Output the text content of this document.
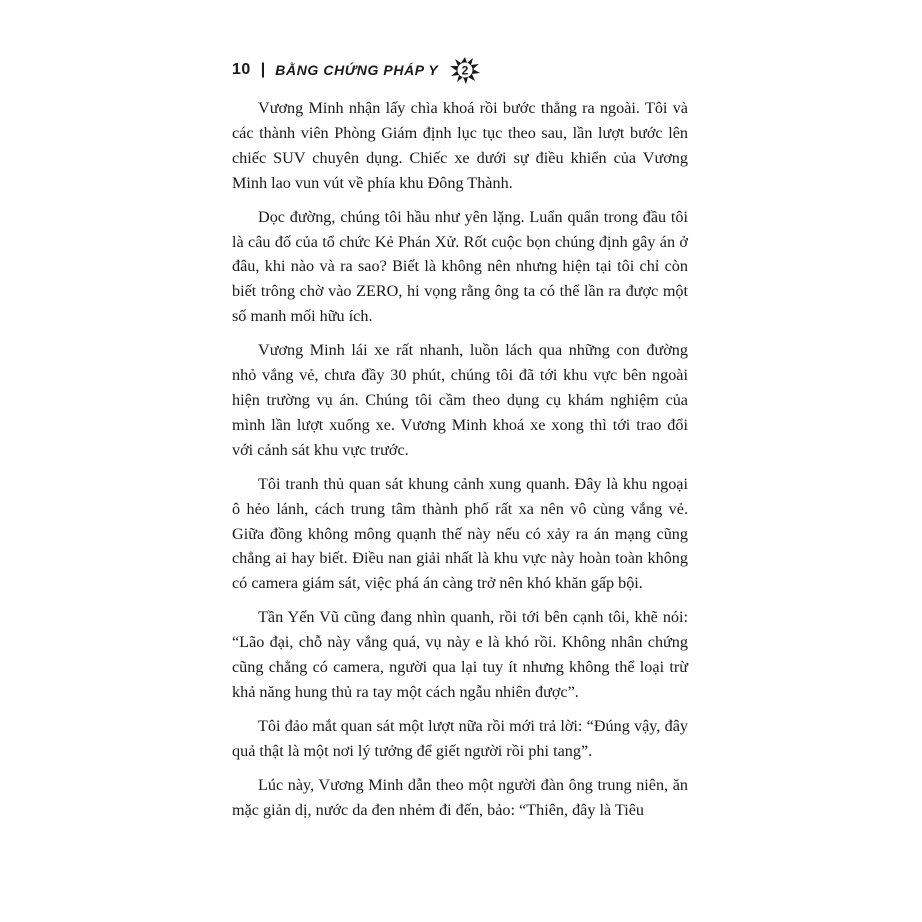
10 | BẰNG CHỨNG PHÁP Y 2

Vương Minh nhận lấy chìa khoá rồi bước thẳng ra ngoài. Tôi và các thành viên Phòng Giám định lục tục theo sau, lần lượt bước lên chiếc SUV chuyên dụng. Chiếc xe dưới sự điều khiển của Vương Minh lao vun vút về phía khu Đông Thành.

Dọc đường, chúng tôi hầu như yên lặng. Luẩn quẩn trong đầu tôi là câu đố của tổ chức Kẻ Phán Xử. Rốt cuộc bọn chúng định gây án ở đâu, khi nào và ra sao? Biết là không nên nhưng hiện tại tôi chỉ còn biết trông chờ vào ZERO, hi vọng rằng ông ta có thể lần ra được một số manh mối hữu ích.

Vương Minh lái xe rất nhanh, luồn lách qua những con đường nhỏ vắng vẻ, chưa đầy 30 phút, chúng tôi đã tới khu vực bên ngoài hiện trường vụ án. Chúng tôi cầm theo dụng cụ khám nghiệm của mình lần lượt xuống xe. Vương Minh khoá xe xong thì tới trao đổi với cảnh sát khu vực trước.

Tôi tranh thủ quan sát khung cảnh xung quanh. Đây là khu ngoại ô hẻo lánh, cách trung tâm thành phố rất xa nên vô cùng vắng vẻ. Giữa đồng không mông quạnh thế này nếu có xảy ra án mạng cũng chẳng ai hay biết. Điều nan giải nhất là khu vực này hoàn toàn không có camera giám sát, việc phá án càng trở nên khó khăn gấp bội.

Tần Yến Vũ cũng đang nhìn quanh, rồi tới bên cạnh tôi, khẽ nói: “Lão đại, chỗ này vắng quá, vụ này e là khó rồi. Không nhân chứng cũng chẳng có camera, người qua lại tuy ít nhưng không thể loại trừ khả năng hung thủ ra tay một cách ngẫu nhiên được”.

Tôi đảo mắt quan sát một lượt nữa rồi mới trả lời: “Đúng vậy, đây quả thật là một nơi lý tưởng để giết người rồi phi tang”.

Lúc này, Vương Minh dẫn theo một người đàn ông trung niên, ăn mặc giản dị, nước da đen nhẻm đi đến, bảo: “Thiên, đây là Tiêu
